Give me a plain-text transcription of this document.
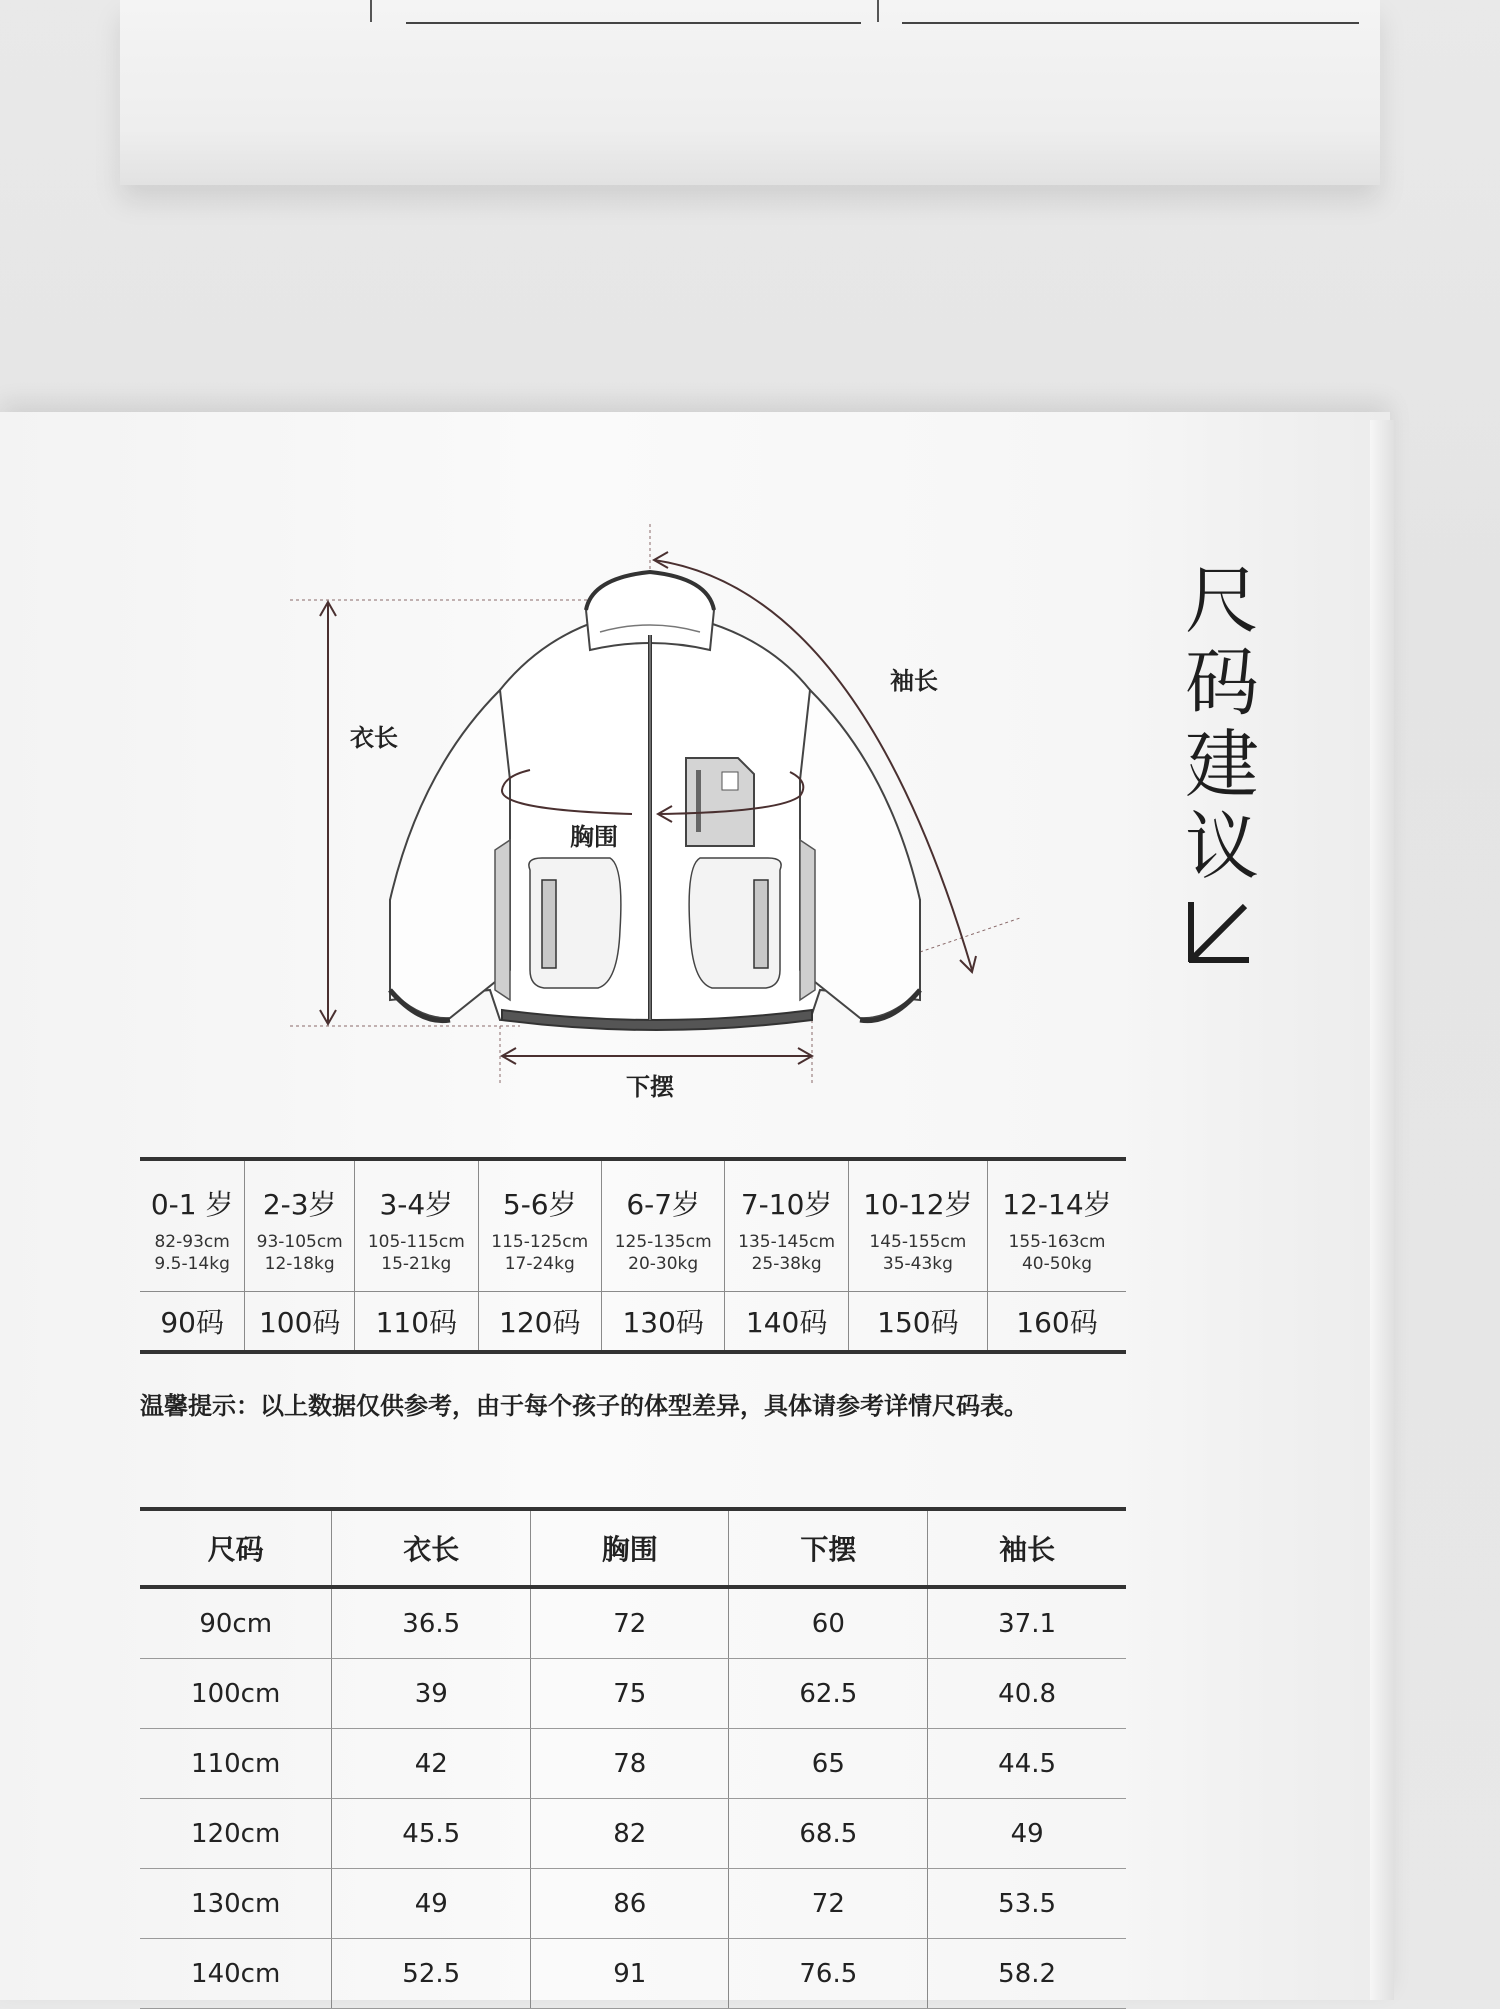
尺
码
建
议
衣长
袖长
胸围
下摆
0-1 岁	2-3岁	3-4岁	5-6岁	6-7岁	7-10岁	10-12岁	12-14岁
82-93cm	93-105cm	105-115cm	115-125cm	125-135cm	135-145cm	145-155cm	155-163cm
9.5-14kg	12-18kg	15-21kg	17-24kg	20-30kg	25-38kg	35-43kg	40-50kg
90码	100码	110码	120码	130码	140码	150码	160码
温馨提示：以上数据仅供参考，由于每个孩子的体型差异，具体请参考详情尺码表。
尺码	衣长	胸围	下摆	袖长
90cm	36.5	72	60	37.1
100cm	39	75	62.5	40.8
110cm	42	78	65	44.5
120cm	45.5	82	68.5	49
130cm	49	86	72	53.5
140cm	52.5	91	76.5	58.2
